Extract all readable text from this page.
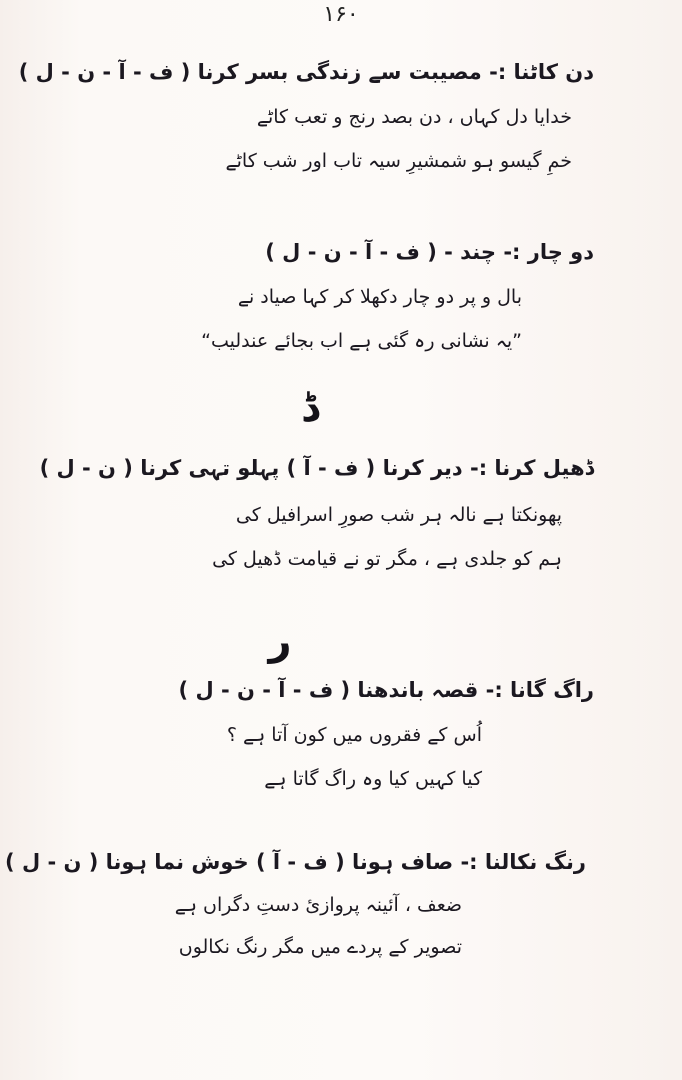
۱۶۰
دن کاٹنا :- مصیبت سے زندگی بسر کرنا ( ف - آ - ن - ل )
خدایا دل کہاں ، دن بصد رنج و تعب کاٹے
خمِ گیسو ہو شمشیرِ سیہ تاب اور شب کاٹے
دو چار :- چند - ( ف - آ - ن - ل )
بال و پر دو چار دکھلا کر کہا صیاد نے
”یہ نشانی رہ گئی ہے اب بجائے عندلیب“
ڈ
ڈھیل کرنا :- دیر کرنا ( ف - آ ) پہلو تہی کرنا ( ن - ل )
پھونکتا ہے نالہ ہر شب صورِ اسرافیل کی
ہم کو جلدی ہے ، مگر تو نے قیامت ڈھیل کی
ر
راگ گانا :- قصہ باندھنا ( ف - آ - ن - ل )
اُس کے فقروں میں کون آتا ہے ؟
کیا کہیں کیا وہ راگ گاتا ہے
رنگ نکالنا :- صاف ہونا ( ف - آ ) خوش نما ہونا ( ن - ل )
ضعف ، آئینہ پروازیٔ دستِ دگراں ہے
تصویر کے پردے میں مگر رنگ نکالوں
